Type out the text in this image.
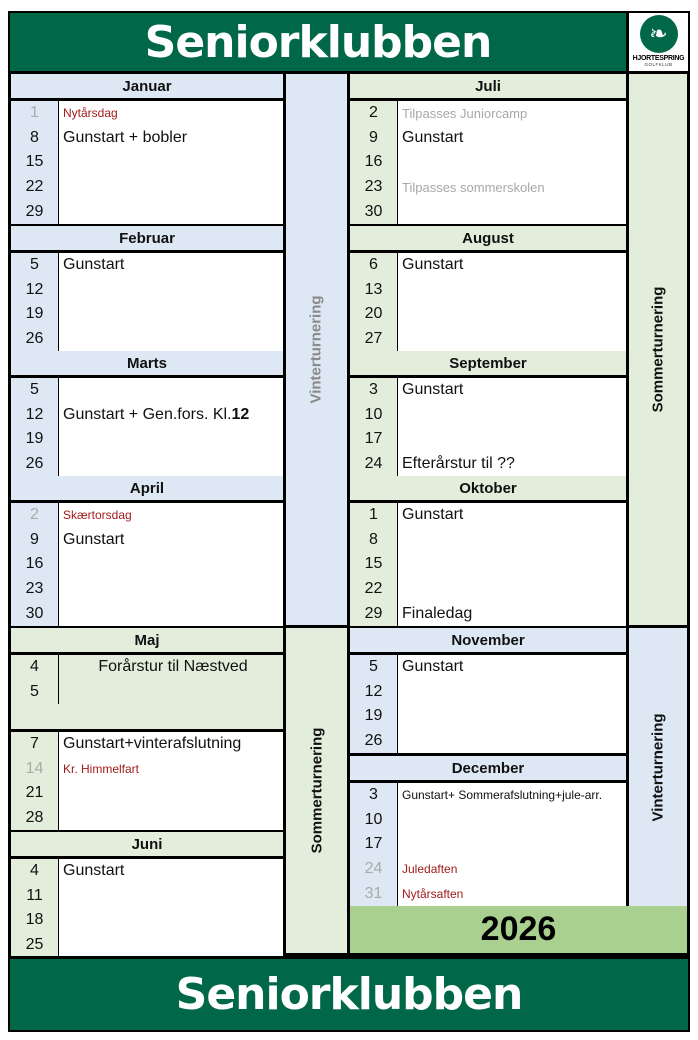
Seniorklubben	❧
HJORTESPRING
GOLFKLUB
Januar
1
8
15
22
29
Nytårsdag
Gunstart + bobler
Februar
5
12
19
26
Gunstart
Marts
5
12
19
26
Gunstart + Gen.fors. Kl. 12
April
2
9
16
23
30
Skærtorsdag
Gunstart
Maj
4
5
7
14
21
28
Forårstur til Næstved
Gunstart+vinterafslutning
Kr. Himmelfart
Juni
4
11
18
25
Gunstart
Vinterturnering
Sommerturnering
Juli
2
9
16
23
30
Tilpasses Juniorcamp
Gunstart
Tilpasses sommerskolen
August
6
13
20
27
Gunstart
September
3
10
17
24
Gunstart
Efterårstur til ??
Oktober
1
8
15
22
29
Gunstart
Finaledag
November
5
12
19
26
Gunstart
December
3
10
17
24
31
Gunstart+ Sommerafslutning+jule-arr.
Juledaften
Nytårsaften
Sommerturnering
Vinterturnering
2026
Seniorklubben
